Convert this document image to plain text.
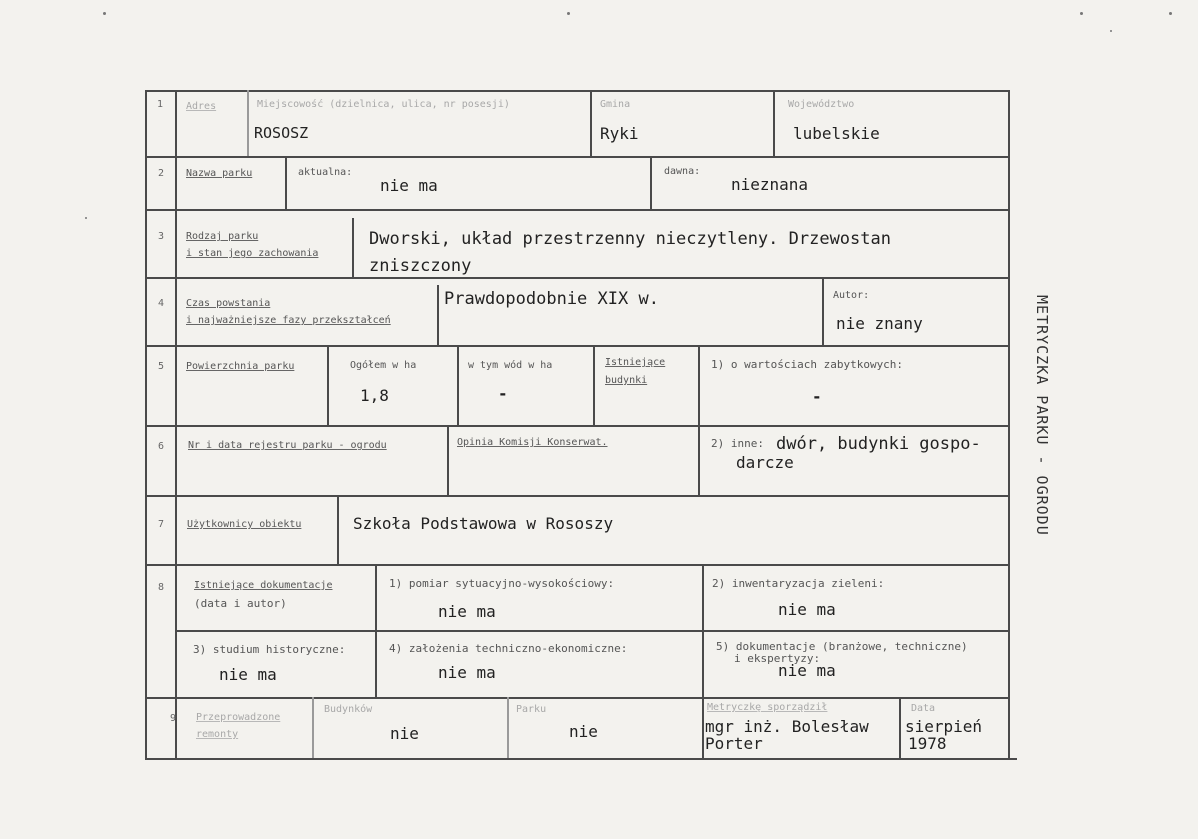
1 Adres	Miejscowość (dzielnica, ulica, nr posesji)
ROSOSZ
Gmina
Ryki
Województwo
lubelskie
2 Nazwa parku	aktualna:
nie ma
dawna:
nieznana
3 Rodzaj parku
i stan jego zachowania
Dworski, układ przestrzenny nieczytleny. Drzewostan
zniszczony
4 Czas powstania
i najważniejsze fazy przekształceń
Prawdopodobnie XIX w.	Autor:
nie znany
5 Powierzchnia parku	Ogółem w ha
1,8
w tym wód w ha
-
Istniejące
budynki
1) o wartościach zabytkowych:
-
6 Nr i data rejestru parku - ogrodu	Opinia Komisji Konserwat.	2) inne: dwór, budynki gospo-
darcze
7 Użytkownicy obiektu	Szkoła Podstawowa w Rososzy
8	Istniejące dokumentacje
(data i autor)
1) pomiar sytuacyjno-wysokościowy:
nie ma
2) inwentaryzacja zieleni:
nie ma
3) studium historyczne:
nie ma
4) założenia techniczno-ekonomiczne:
nie ma
5) dokumentacje (branżowe, techniczne)
i ekspertyzy:
nie ma
9 Przeprowadzone
remonty
Budynków
nie
Parku
nie
Metryczkę sporządził
mgr inż. Bolesław
Porter
Data
sierpień
1978
METRYCZKA PARKU - OGRODU
